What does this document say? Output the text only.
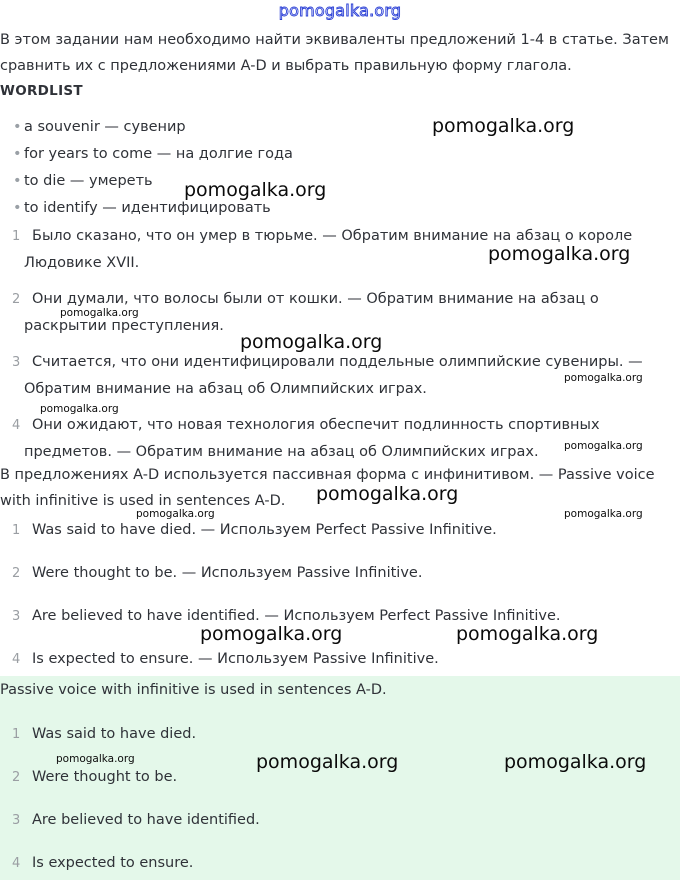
pomogalka.org

В этом задании нам необходимо найти эквиваленты предложений 1-4 в статье. Затем сравнить их с предложениями A-D и выбрать правильную форму глагола.

WORDLIST
• a souvenir — сувенир
• for years to come — на долгие года
• to die — умереть
• to identify — идентифицировать
1 Было сказано, что он умер в тюрьме. — Обратим внимание на абзац о короле Людовике XVII.
2 Они думали, что волосы были от кошки. — Обратим внимание на абзац о раскрытии преступления.
3 Считается, что они идентифицировали поддельные олимпийские сувениры. — Обратим внимание на абзац об Олимпийских играх.
4 Они ожидают, что новая технология обеспечит подлинность спортивных предметов. — Обратим внимание на абзац об Олимпийских играх.

В предложениях A-D используется пассивная форма с инфинитивом. — Passive voice with infinitive is used in sentences A-D.

1 Was said to have died. — Используем Perfect Passive Infinitive.
2 Were thought to be. — Используем Passive Infinitive.
3 Are believed to have identified. — Используем Perfect Passive Infinitive.
4 Is expected to ensure. — Используем Passive Infinitive.
Passive voice with infinitive is used in sentences A-D.
1 Was said to have died.
2 Were thought to be.
3 Are believed to have identified.
4 Is expected to ensure.
pomogalka.org
pomogalka.org
pomogalka.org
pomogalka.org
pomogalka.org
pomogalka.org
pomogalka.org
pomogalka.org
pomogalka.org
pomogalka.org	pomogalka.org
pomogalka.org	pomogalka.org
pomogalka.org	pomogalka.org	pomogalka.org
